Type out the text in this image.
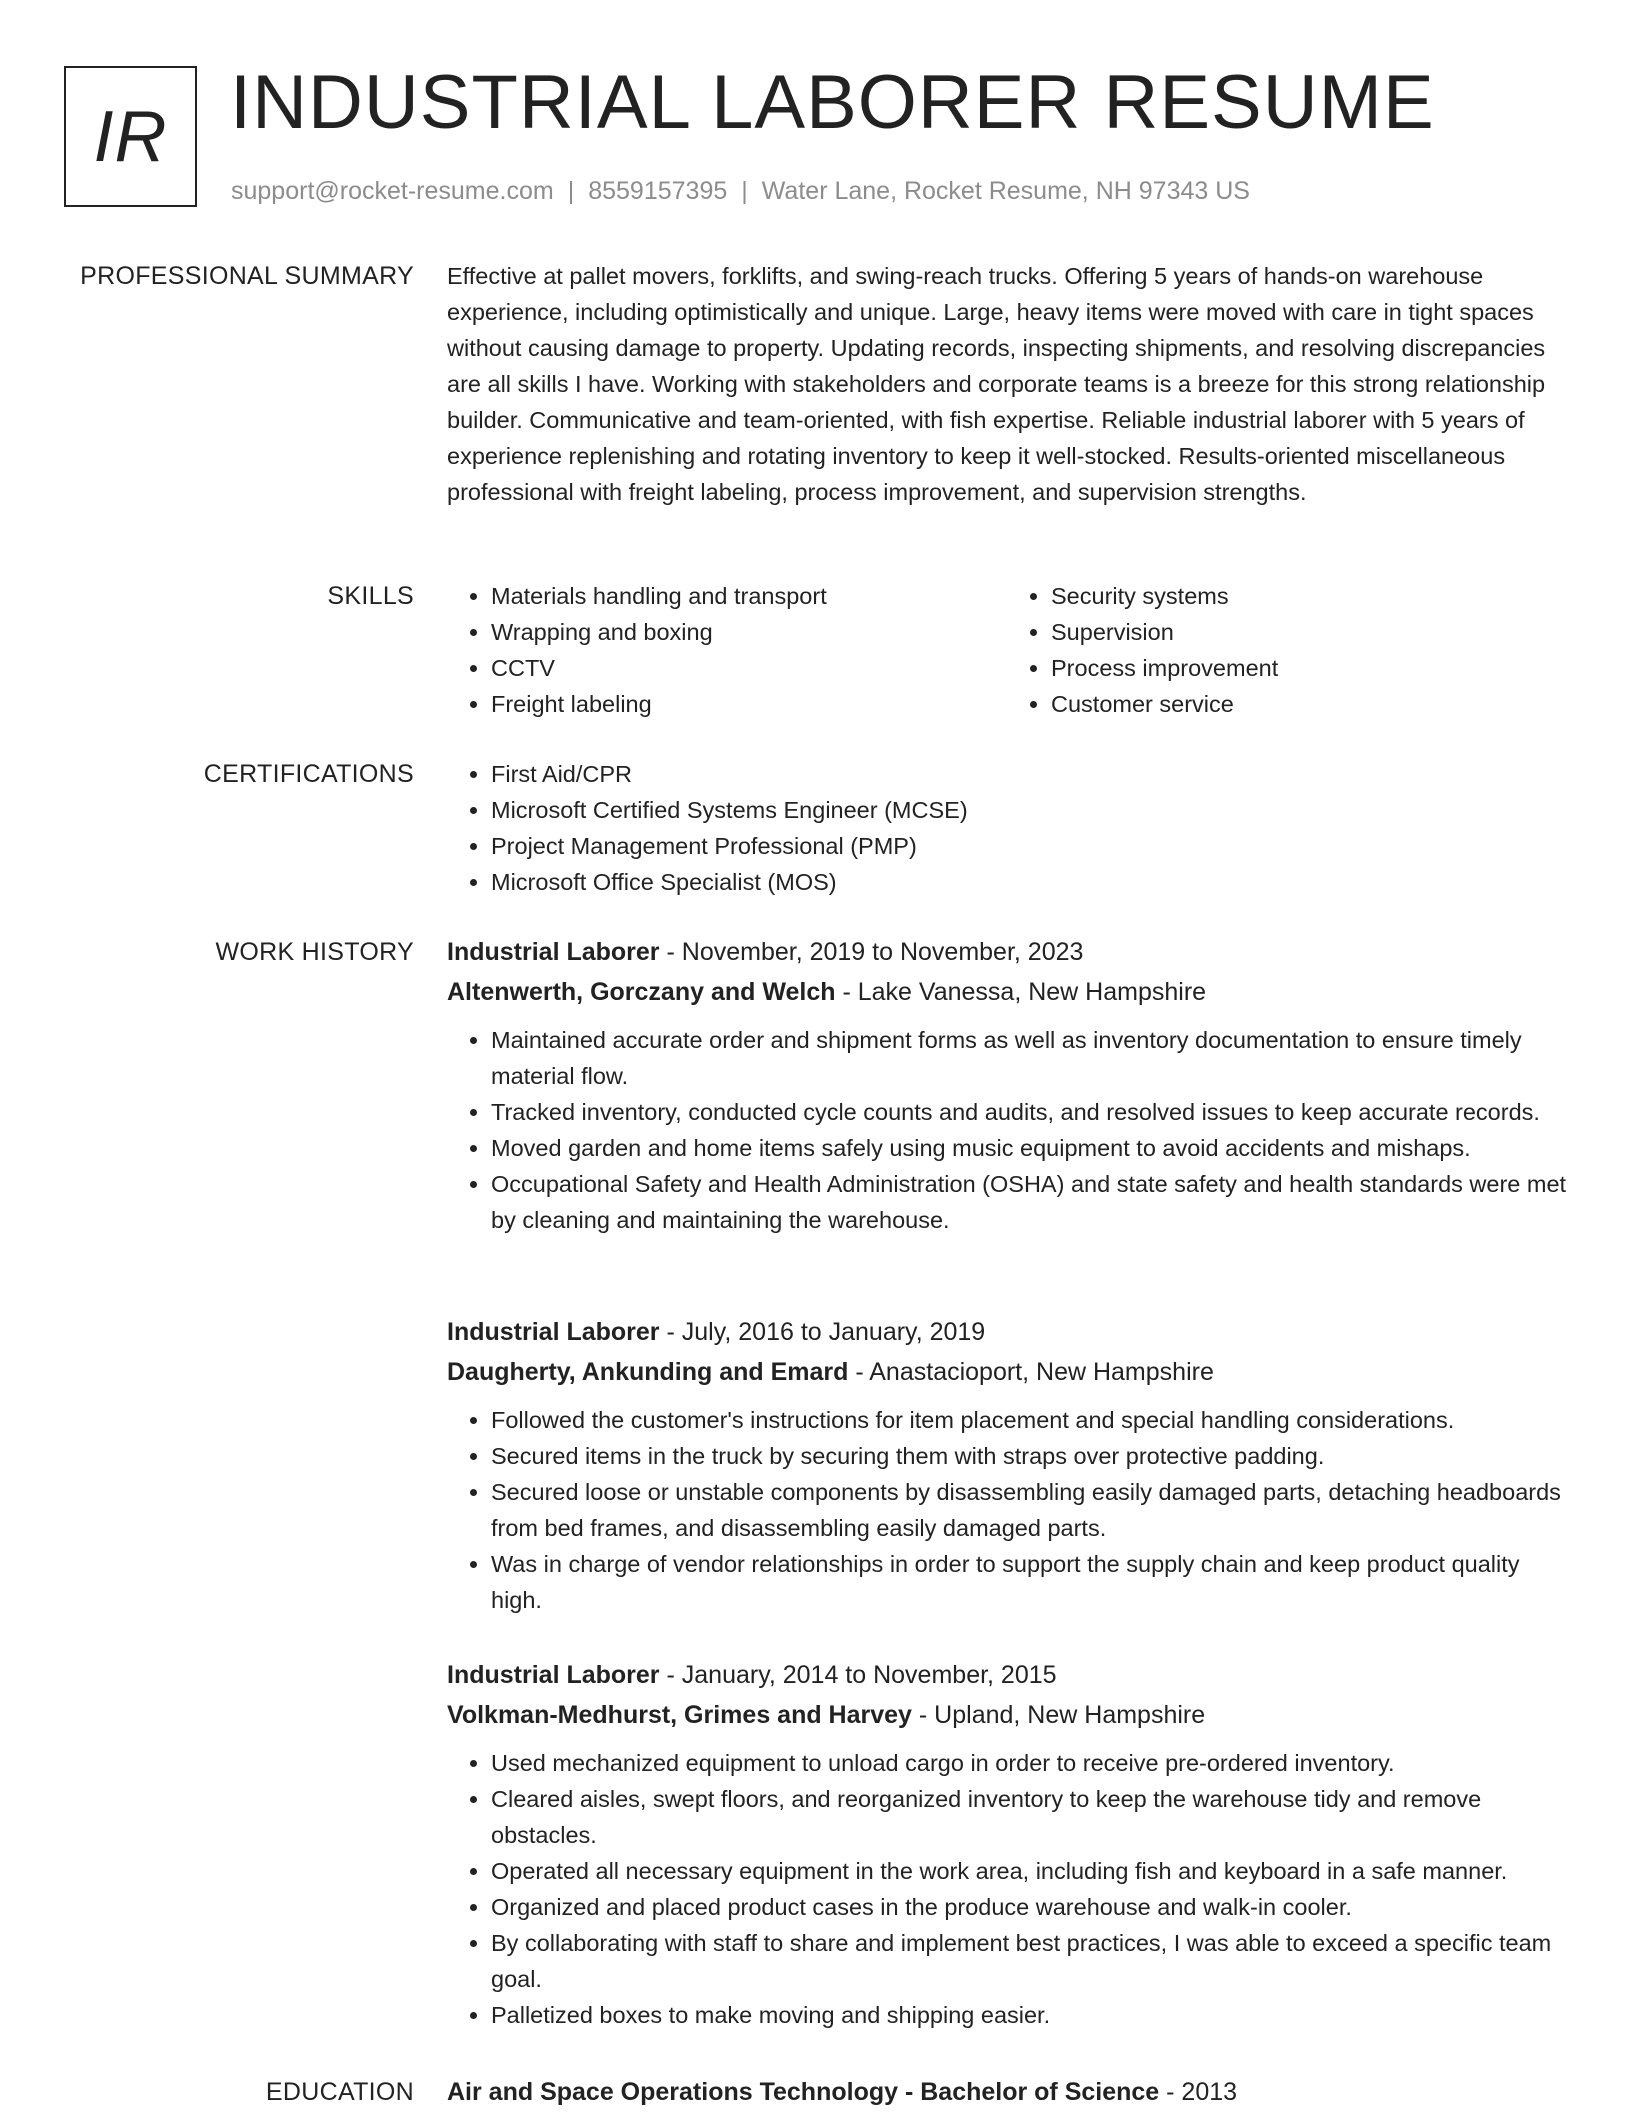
IR INDUSTRIAL LABORER RESUME
support@rocket-resume.com | 8559157395 | Water Lane, Rocket Resume, NH 97343 US
PROFESSIONAL SUMMARY Effective at pallet movers, forklifts, and swing-reach trucks. Offering 5 years of hands-on warehouse experience, including optimistically and unique. Large, heavy items were moved with care in tight spaces without causing damage to property. Updating records, inspecting shipments, and resolving discrepancies are all skills I have. Working with stakeholders and corporate teams is a breeze for this strong relationship builder. Communicative and team-oriented, with fish expertise. Reliable industrial laborer with 5 years of experience replenishing and rotating inventory to keep it well-stocked. Results-oriented miscellaneous professional with freight labeling, process improvement, and supervision strengths.

SKILLS	• Materials handling and transport
• Wrapping and boxing
• CCTV
• Freight labeling
• Security systems
• Supervision
• Process improvement
• Customer service
CERTIFICATIONS	• First Aid/CPR
• Microsoft Certified Systems Engineer (MCSE)
• Project Management Professional (PMP)
• Microsoft Office Specialist (MOS)
WORK HISTORY Industrial Laborer - November, 2019 to November, 2023
Altenwerth, Gorczany and Welch - Lake Vanessa, New Hampshire
• Maintained accurate order and shipment forms as well as inventory documentation to ensure timely material flow.
• Tracked inventory, conducted cycle counts and audits, and resolved issues to keep accurate records.
• Moved garden and home items safely using music equipment to avoid accidents and mishaps.
• Occupational Safety and Health Administration (OSHA) and state safety and health standards were met by cleaning and maintaining the warehouse.
Industrial Laborer - July, 2016 to January, 2019
Daugherty, Ankunding and Emard - Anastacioport, New Hampshire
• Followed the customer's instructions for item placement and special handling considerations.
• Secured items in the truck by securing them with straps over protective padding.
• Secured loose or unstable components by disassembling easily damaged parts, detaching headboards from bed frames, and disassembling easily damaged parts.
• Was in charge of vendor relationships in order to support the supply chain and keep product quality high.
Industrial Laborer - January, 2014 to November, 2015
Volkman-Medhurst, Grimes and Harvey - Upland, New Hampshire
• Used mechanized equipment to unload cargo in order to receive pre-ordered inventory.
• Cleared aisles, swept floors, and reorganized inventory to keep the warehouse tidy and remove obstacles.
• Operated all necessary equipment in the work area, including fish and keyboard in a safe manner.
• Organized and placed product cases in the produce warehouse and walk-in cooler.
• By collaborating with staff to share and implement best practices, I was able to exceed a specific team goal.
• Palletized boxes to make moving and shipping easier.
EDUCATION Air and Space Operations Technology - Bachelor of Science - 2013
